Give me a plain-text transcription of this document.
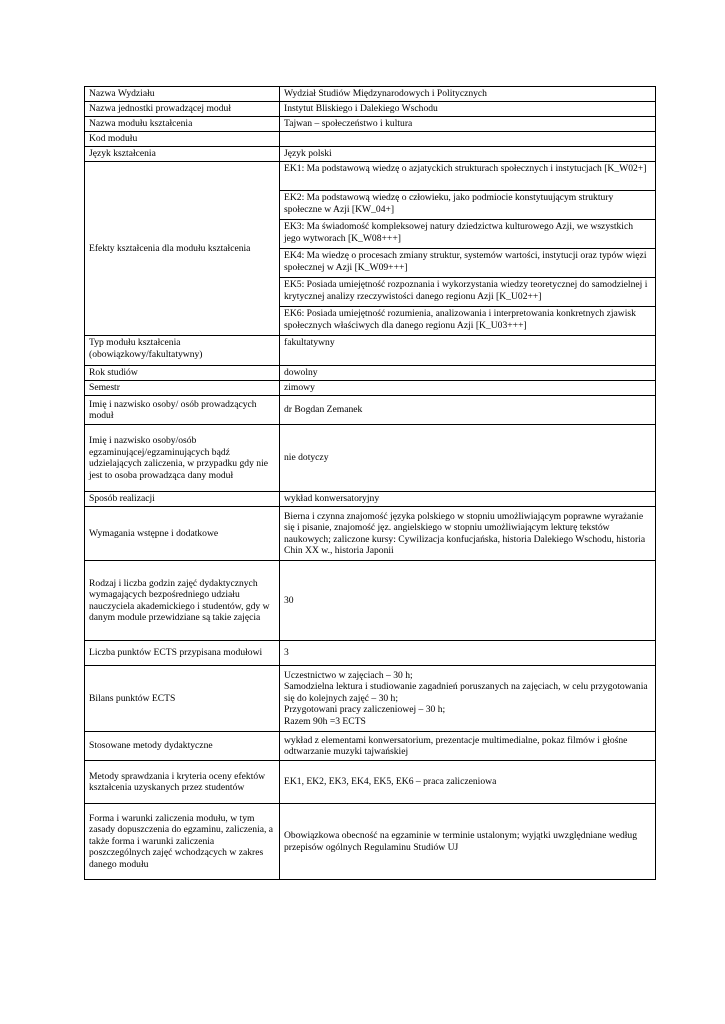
Nazwa Wydziału	Wydział Studiów Międzynarodowych i Politycznych
Nazwa jednostki prowadzącej moduł	Instytut Bliskiego i Dalekiego Wschodu
Nazwa modułu kształcenia	Tajwan – społeczeństwo i kultura
Kod modułu	
Język kształcenia	Język polski
Efekty kształcenia dla modułu kształcenia	EK1: Ma podstawową wiedzę o azjatyckich strukturach społecznych i instytucjach [K_W02+]
	EK2: Ma podstawową wiedzę o człowieku, jako podmiocie konstytuującym struktury społeczne w Azji [KW_04+]
	EK3: Ma świadomość kompleksowej natury dziedzictwa kulturowego Azji, we wszystkich jego wytworach [K_W08+++]
	EK4: Ma wiedzę o procesach zmiany struktur, systemów wartości, instytucji oraz typów więzi społecznej w Azji [K_W09+++]
	EK5: Posiada umiejętność rozpoznania i wykorzystania wiedzy teoretycznej do samodzielnej i krytycznej analizy rzeczywistości danego regionu Azji [K_U02++]
	EK6: Posiada umiejętność rozumienia, analizowania i interpretowania konkretnych zjawisk społecznych właściwych dla danego regionu Azji [K_U03+++]
Typ modułu kształcenia (obowiązkowy/fakultatywny)	fakultatywny
Rok studiów	dowolny
Semestr	zimowy
Imię i nazwisko osoby/ osób prowadzących moduł	dr Bogdan Zemanek
Imię i nazwisko osoby/osób egzaminującej/egzaminujących bądź udzielających zaliczenia, w przypadku gdy nie jest to osoba prowadząca dany moduł	nie dotyczy
Sposób realizacji	wykład konwersatoryjny
Wymagania wstępne i dodatkowe	Bierna i czynna znajomość języka polskiego w stopniu umożliwiającym poprawne wyrażanie się i pisanie, znajomość jęz. angielskiego w stopniu umożliwiającym lekturę tekstów naukowych; zaliczone kursy: Cywilizacja konfucjańska, historia Dalekiego Wschodu, historia Chin XX w., historia Japonii
Rodzaj i liczba godzin zajęć dydaktycznych wymagających bezpośredniego udziału nauczyciela akademickiego i studentów, gdy w danym module przewidziane są takie zajęcia	30
Liczba punktów ECTS przypisana modułowi	3
Bilans punktów ECTS	Uczestnictwo w zajęciach – 30 h;
Samodzielna lektura i studiowanie zagadnień poruszanych na zajęciach, w celu przygotowania się do kolejnych zajęć – 30 h;
Przygotowani pracy zaliczeniowej – 30 h;
Razem 90h =3 ECTS

Stosowane metody dydaktyczne	wykład z elementami konwersatorium, prezentacje multimedialne, pokaz filmów i głośne odtwarzanie muzyki tajwańskiej
Metody sprawdzania i kryteria oceny efektów kształcenia uzyskanych przez studentów	EK1, EK2, EK3, EK4, EK5, EK6 – praca zaliczeniowa
Forma i warunki zaliczenia modułu, w tym zasady dopuszczenia do egzaminu, zaliczenia, a także forma i warunki zaliczenia poszczególnych zajęć wchodzących w zakres danego modułu	Obowiązkowa obecność na egzaminie w terminie ustalonym; wyjątki uwzględniane według przepisów ogólnych Regulaminu Studiów UJ
